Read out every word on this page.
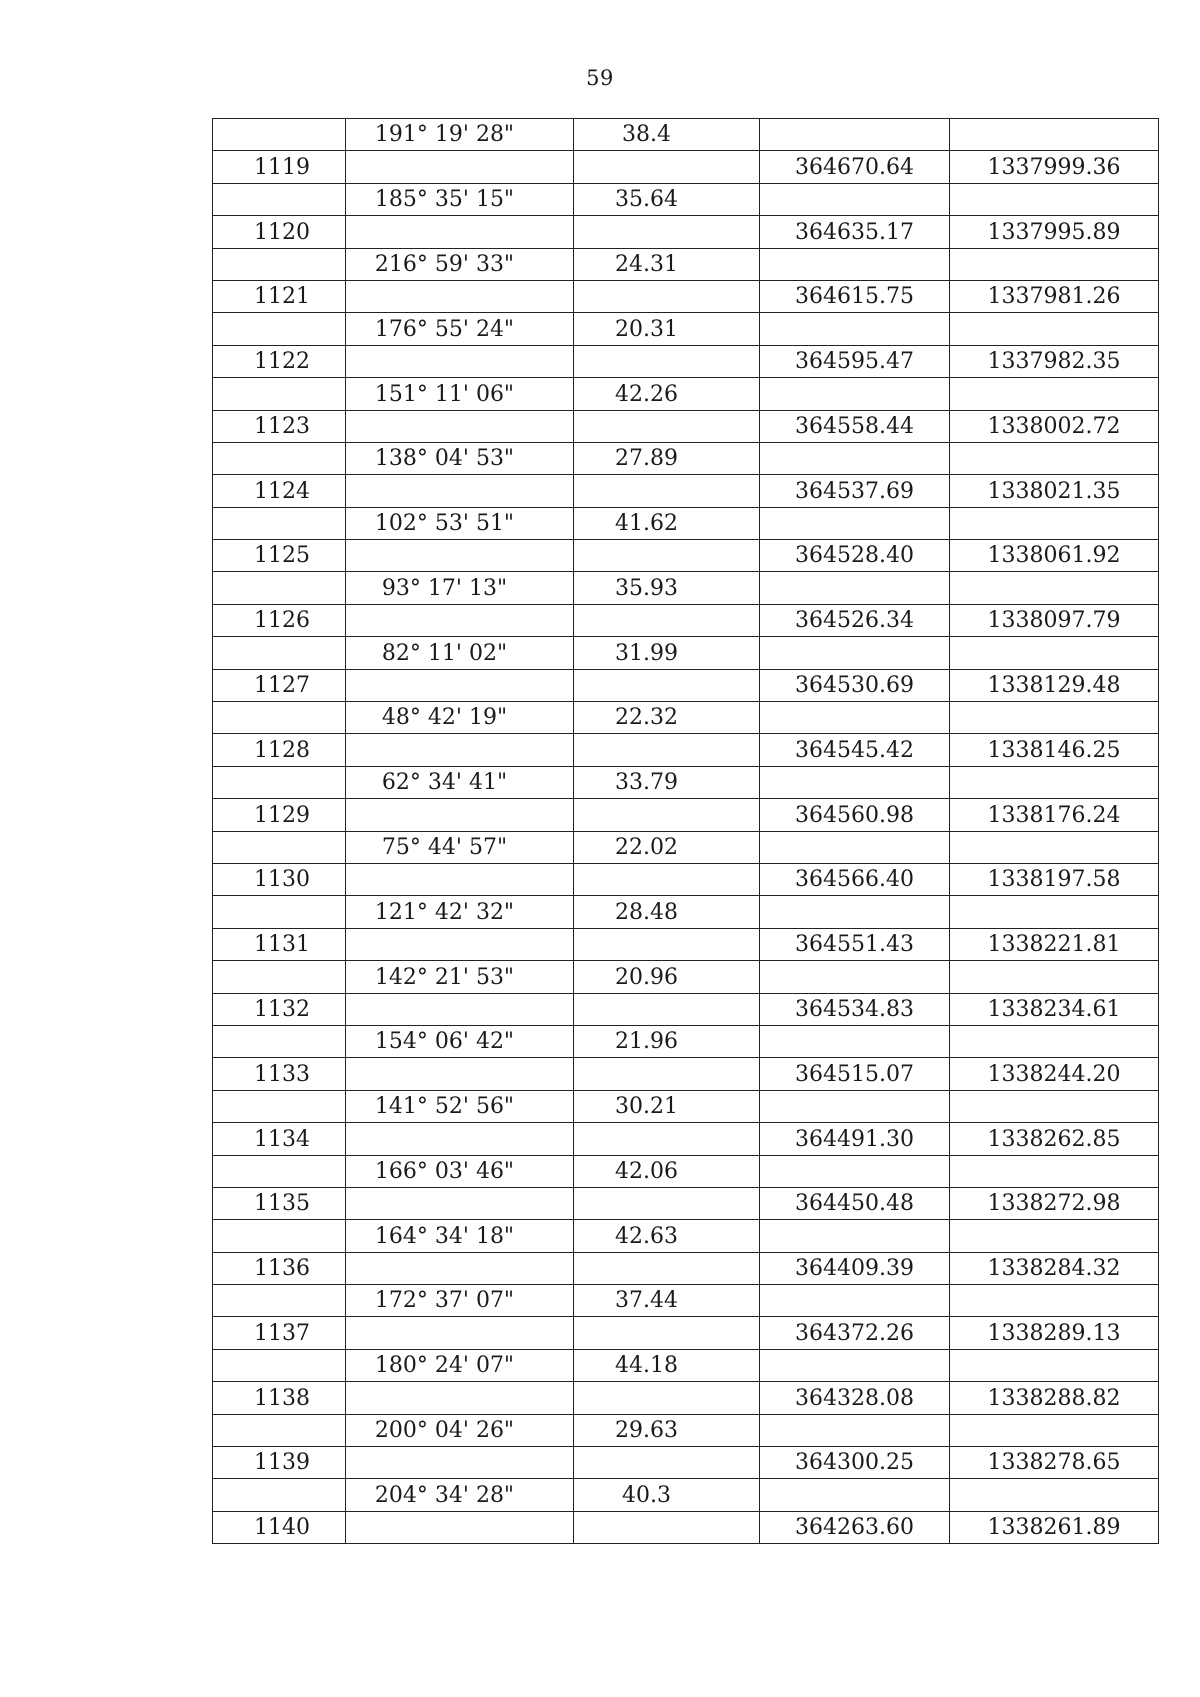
59
	191° 19' 28"	38.4		
1119			364670.64	1337999.36
	185° 35' 15"	35.64		
1120			364635.17	1337995.89
	216° 59' 33"	24.31		
1121			364615.75	1337981.26
	176° 55' 24"	20.31		
1122			364595.47	1337982.35
	151° 11' 06"	42.26		
1123			364558.44	1338002.72
	138° 04' 53"	27.89		
1124			364537.69	1338021.35
	102° 53' 51"	41.62		
1125			364528.40	1338061.92
	93° 17' 13"	35.93		
1126			364526.34	1338097.79
	82° 11' 02"	31.99		
1127			364530.69	1338129.48
	48° 42' 19"	22.32		
1128			364545.42	1338146.25
	62° 34' 41"	33.79		
1129			364560.98	1338176.24
	75° 44' 57"	22.02		
1130			364566.40	1338197.58
	121° 42' 32"	28.48		
1131			364551.43	1338221.81
	142° 21' 53"	20.96		
1132			364534.83	1338234.61
	154° 06' 42"	21.96		
1133			364515.07	1338244.20
	141° 52' 56"	30.21		
1134			364491.30	1338262.85
	166° 03' 46"	42.06		
1135			364450.48	1338272.98
	164° 34' 18"	42.63		
1136			364409.39	1338284.32
	172° 37' 07"	37.44		
1137			364372.26	1338289.13
	180° 24' 07"	44.18		
1138			364328.08	1338288.82
	200° 04' 26"	29.63		
1139			364300.25	1338278.65
	204° 34' 28"	40.3		
1140			364263.60	1338261.89
